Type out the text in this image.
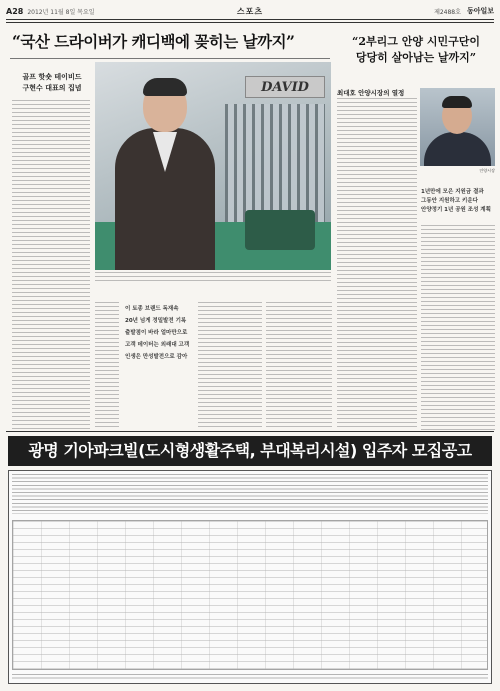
A28 2012년 11월 8일 목요일	스포츠	제2488호 동아일보
“국산 드라이버가 캐디백에 꽂히는 날까지”	“2부리그 안양 시민구단이
당당히 살아남는 날까지”
골프 핫숏 테이비드
구현수 대표의 집념
이 토종 브랜드 독재속
20년 넘게 정밀발전 기록
출발점이 바라 얼마만으로
고객 데이터는 외래대 고객
인생은 만성발전으로 감아
DAVID	최대호 안양시장의 열정
안양시장
1년만에 모은 지원금 결과
그동안 지원하고 키운다
안양정기 1년 공원 조성 계획
광명 기아파크빌(도시형생활주택, 부대복리시설) 입주자 모집공고
